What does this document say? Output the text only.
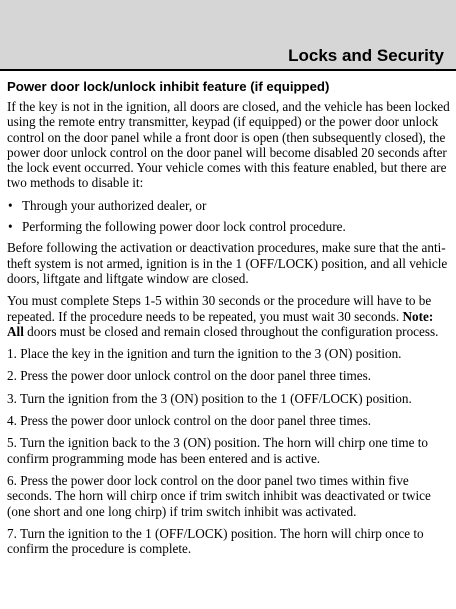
Locks and Security
Power door lock/unlock inhibit feature (if equipped)

If the key is not in the ignition, all doors are closed, and the vehicle has been locked using the remote entry transmitter, keypad (if equipped) or the power door unlock control on the door panel while a front door is open (then subsequently closed), the power door unlock control on the door panel will become disabled 20 seconds after the lock event occurred. Your vehicle comes with this feature enabled, but there are two methods to disable it:

• Through your authorized dealer, or
• Performing the following power door lock control procedure.

Before following the activation or deactivation procedures, make sure that the anti-theft system is not armed, ignition is in the 1 (OFF/LOCK) position, and all vehicle doors, liftgate and liftgate window are closed.

You must complete Steps 1-5 within 30 seconds or the procedure will have to be repeated. If the procedure needs to be repeated, you must wait 30 seconds. Note: All doors must be closed and remain closed throughout the configuration process.

1. Place the key in the ignition and turn the ignition to the 3 (ON) position.

2. Press the power door unlock control on the door panel three times.

3. Turn the ignition from the 3 (ON) position to the 1 (OFF/LOCK) position.

4. Press the power door unlock control on the door panel three times.

5. Turn the ignition back to the 3 (ON) position. The horn will chirp one time to confirm programming mode has been entered and is active.

6. Press the power door lock control on the door panel two times within five seconds. The horn will chirp once if trim switch inhibit was deactivated or twice (one short and one long chirp) if trim switch inhibit was activated.

7. Turn the ignition to the 1 (OFF/LOCK) position. The horn will chirp once to confirm the procedure is complete.
